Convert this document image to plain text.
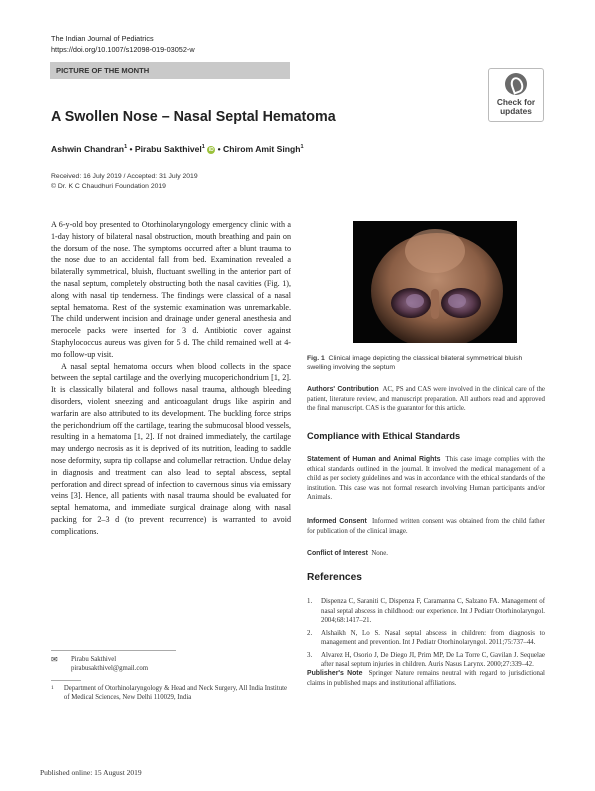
The Indian Journal of Pediatrics
https://doi.org/10.1007/s12098-019-03052-w
PICTURE OF THE MONTH
Check for
updates
A Swollen Nose – Nasal Septal Hematoma
Ashwin Chandran$^1$ • Pirabu Sakthivel$^1$ iD • Chirom Amit Singh$^1$
Received: 16 July 2019 / Accepted: 31 July 2019
© Dr. K C Chaudhuri Foundation 2019

A 6-y-old boy presented to Otorhinolaryngology emergency clinic with a 1-day history of bilateral nasal obstruction, mouth breathing and pain on the dorsum of the nose. The symptoms occurred after a blunt trauma to the nose due to an accidental fall from bed. Examination revealed a bilaterally symmetrical, bluish, fluctuant swelling in the anterior part of the nasal septum, completely obstructing both the nasal cavities (Fig. 1), along with nasal tip tenderness. The findings were classical of a nasal septal hematoma. Rest of the systemic examination was unremarkable. The child underwent incision and drainage under general anesthesia and merocele packs were inserted for 3 d. Antibiotic cover against Staphylococcus aureus was given for 5 d. The child remained well at 4-mo follow-up visit.

A nasal septal hematoma occurs when blood collects in the space between the septal cartilage and the overlying mucoperichondrium [1, 2]. It is classically bilateral and follows nasal trauma, although bleeding disorders, violent sneezing and anticoagulant drugs like aspirin and warfarin are also attributed to its development. The buckling force strips the perichondrium off the cartilage, tearing the submucosal blood vessels, resulting in a hematoma [1, 2]. If not drained immediately, the cartilage may undergo necrosis as it is deprived of its nutrition, leading to saddle nose deformity, supra tip collapse and columellar retraction. Undue delay in diagnosis and treatment can also lead to septal abscess, septal perforation and direct spread of infection to cavernous sinus via emissary veins [3]. Hence, all patients with nasal trauma should be evaluated for septal hematoma, and immediate surgical drainage along with nasal packing for 2–3 d (to prevent recurrence) is warranted to avoid complications.

Fig. 1 Clinical image depicting the classical bilateral symmetrical bluish swelling involving the septum
Authors' Contribution AC, PS and CAS were involved in the clinical care of the patient, literature review, and manuscript preparation. All authors read and approved the final manuscript. CAS is the guarantor for this article.
Compliance with Ethical Standards
Statement of Human and Animal Rights This case image complies with the ethical standards outlined in the journal. It involved the medical management of a child as per society guidelines and was in accordance with the ethical standards of the institution. This case was not formal research involving Human participants and/or Animals.
Informed Consent Informed written consent was obtained from the child father for publication of the clinical image.
Conflict of Interest None.
References
1.	Dispenza C, Saraniti C, Dispenza F, Caramanna C, Salzano FA. Management of nasal septal abscess in childhood: our experience. Int J Pediatr Otorhinolaryngol. 2004;68:1417–21.
2.	Alshaikh N, Lo S. Nasal septal abscess in children: from diagnosis to management and prevention. Int J Pediatr Otorhinolaryngol. 2011;75:737–44.
3.	Alvarez H, Osorio J, De Diego JI, Prim MP, De La Torre C, Gavilan J. Sequelae after nasal septum injuries in children. Auris Nasus Larynx. 2000;27:339–42.
Publisher's Note Springer Nature remains neutral with regard to jurisdictional claims in published maps and institutional affiliations.
✉	Pirabu Sakthivel
pirabusakthivel@gmail.com
1	Department of Otorhinolaryngology & Head and Neck Surgery, All India Institute of Medical Sciences, New Delhi 110029, India
Published online: 15 August 2019
